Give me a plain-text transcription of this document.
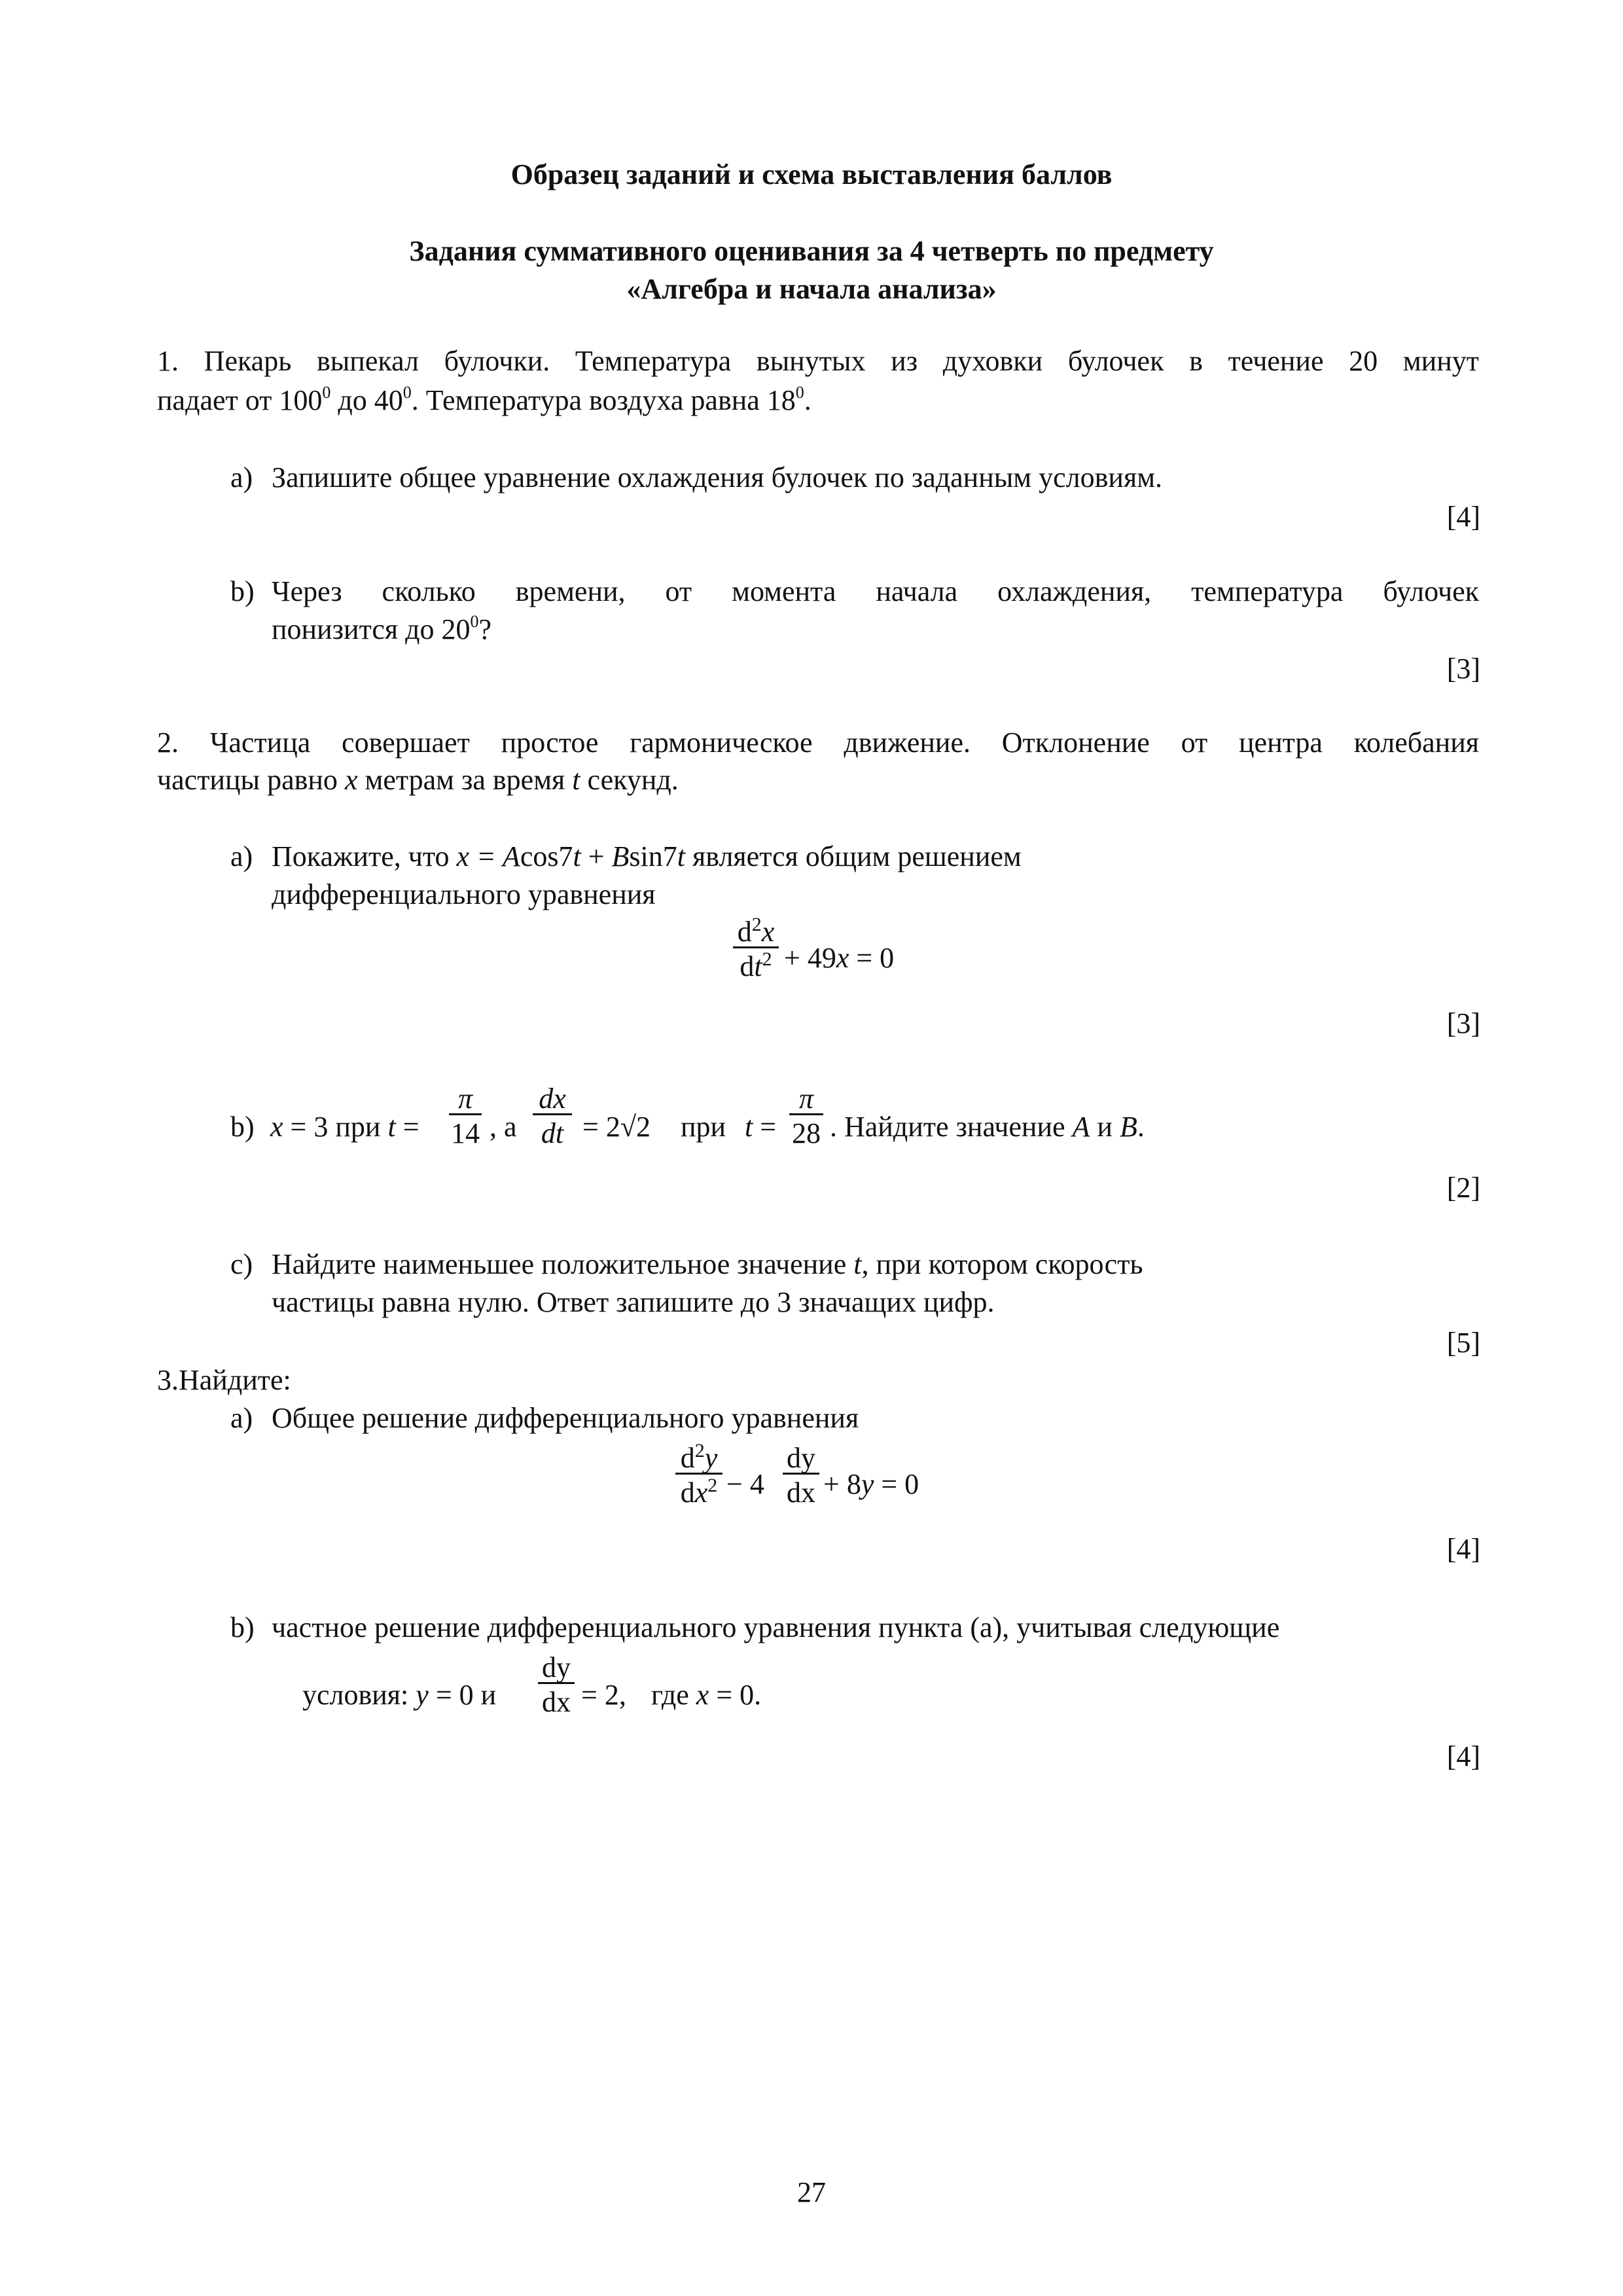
Образец заданий и схема выставления баллов
Задания суммативного оценивания за 4 четверть по предмету
«Алгебра и начала анализа»
1. Пекарь выпекал булочки. Температура вынутых из духовки булочек в течение 20 минут
падает от $100^0$ до $40^0$. Температура воздуха равна $18^0$.
a) Запишите общее уравнение охлаждения булочек по заданным условиям.
[4]
b) Через сколько времени, от момента начала охлаждения, температура булочек
понизится до $20^0$?
[3]
2. Частица совершает простое гармоническое движение. Отклонение от центра колебания
частицы равно x метрам за время t секунд.
a) Покажите, что x = Acos7t + Bsin7t является общим решением
дифференциального уравнения
$d^2x$
$dt^2 + 49x = 0$
[3]
b) x = 3 при t =
π
14 , а
dx
dt = 2√2 при t =
π
28 . Найдите значение A и B.
[2]
c) Найдите наименьшее положительное значение t, при котором скорость
частицы равна нулю. Ответ запишите до 3 значащих цифр.
[5]
3.Найдите:
a) Общее решение дифференциального уравнения
$d^2y$
$dx^2 - 4$
dy
dx + 8y = 0
[4]
b) частное решение дифференциального уравнения пункта (а), учитывая следующие
условия: y = 0 и
dy
dx = 2, где x = 0.
[4]
27
